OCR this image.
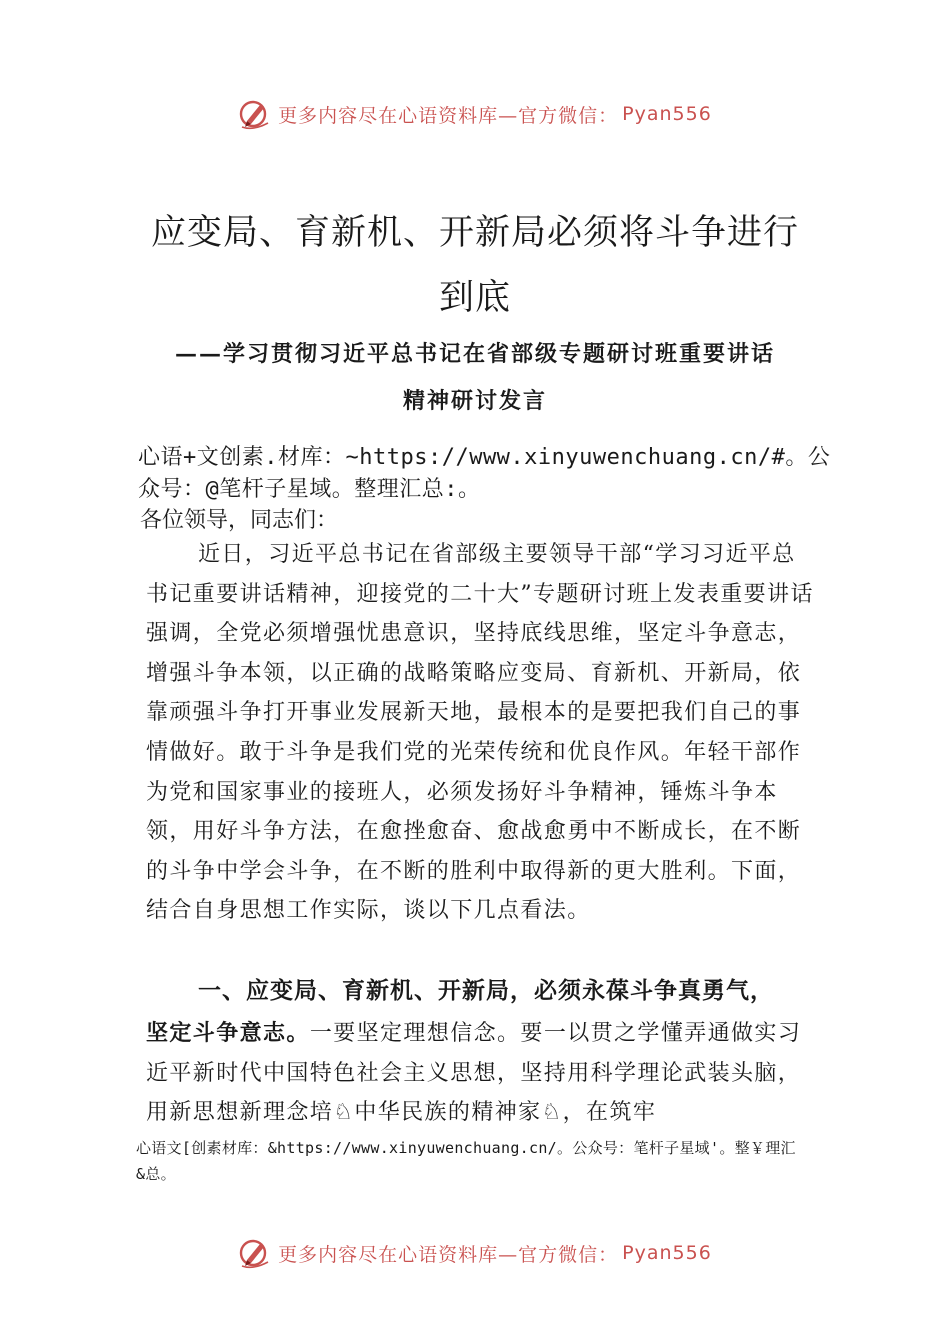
更多内容尽在心语资料库—官方微信： Pyan556
应变局、育新机、开新局必须将斗争进行
到底
——学习贯彻习近平总书记在省部级专题研讨班重要讲话
精神研讨发言
心语+文创素.材库：~https://www.xinyuwenchuang.cn/#。公
众号：@笔杆子星域。整理汇总:。
各位领导，同志们：
近日，习近平总书记在省部级主要领导干部“学习习近平总书记重要讲话精神，迎接党的二十大”专题研讨班上发表重要讲话强调，全党必须增强忧患意识，坚持底线思维，坚定斗争意志，增强斗争本领，以正确的战略策略应变局、育新机、开新局，依靠顽强斗争打开事业发展新天地，最根本的是要把我们自己的事情做好。敢于斗争是我们党的光荣传统和优良作风。年轻干部作为党和国家事业的接班人，必须发扬好斗争精神，锤炼斗争本领，用好斗争方法，在愈挫愈奋、愈战愈勇中不断成长，在不断的斗争中学会斗争，在不断的胜利中取得新的更大胜利。下面，结合自身思想工作实际，谈以下几点看法。
一、应变局、育新机、开新局，必须永葆斗争真勇气，
坚定斗争意志。一要坚定理想信念。要一以贯之学懂弄通做实习近平新时代中国特色社会主义思想，坚持用科学理论武装头脑，用新思想新理念培♘中华民族的精神家♘，在筑牢
心语文[创素材库：&https://www.xinyuwenchuang.cn/。公众号：笔杆子星域'。整￥理汇
&总。
更多内容尽在心语资料库—官方微信： Pyan556
